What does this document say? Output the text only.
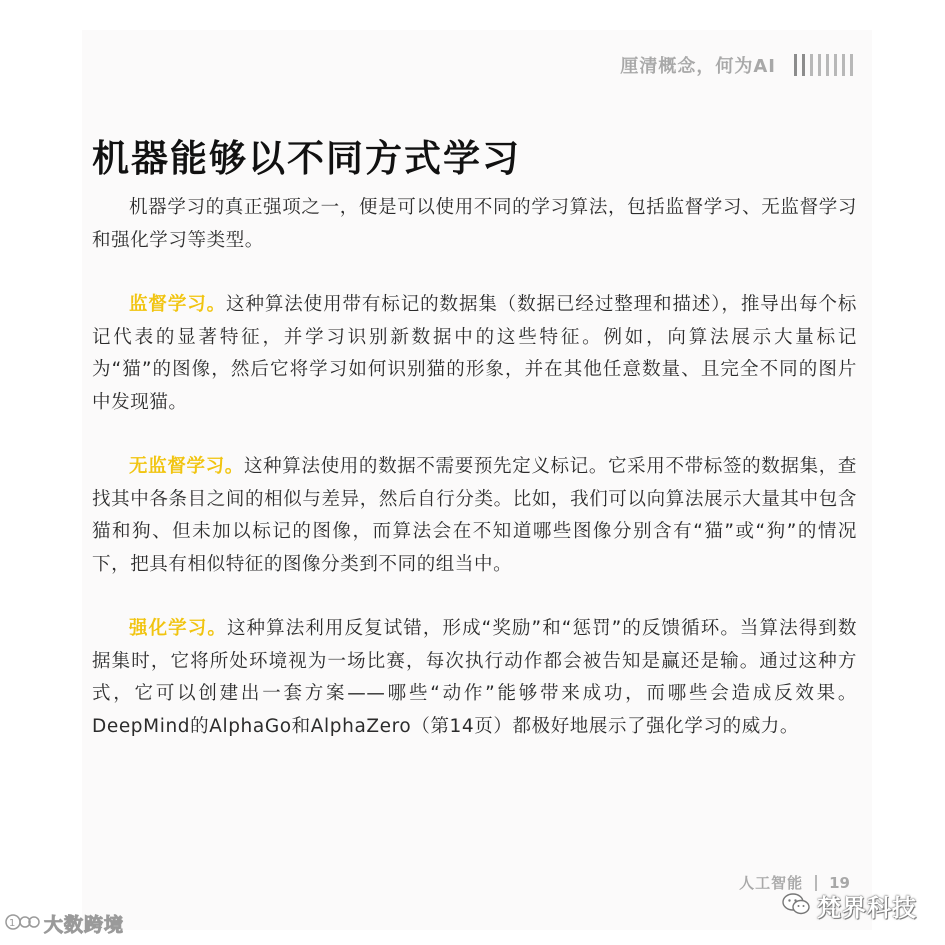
厘清概念，何为AI
机器能够以不同方式学习

机器学习的真正强项之一，便是可以使用不同的学习算法，包括监督学习、无监督学习和强化学习等类型。

监督学习。这种算法使用带有标记的数据集（数据已经过整理和描述），推导出每个标记代表的显著特征，并学习识别新数据中的这些特征。例如，向算法展示大量标记为“猫”的图像，然后它将学习如何识别猫的形象，并在其他任意数量、且完全不同的图片中发现猫。

无监督学习。这种算法使用的数据不需要预先定义标记。它采用不带标签的数据集，查找其中各条目之间的相似与差异，然后自行分类。比如，我们可以向算法展示大量其中包含猫和狗、但未加以标记的图像，而算法会在不知道哪些图像分别含有“猫”或“狗”的情况下，把具有相似特征的图像分类到不同的组当中。

强化学习。这种算法利用反复试错，形成“奖励”和“惩罚”的反馈循环。当算法得到数据集时，它将所处环境视为一场比赛，每次执行动作都会被告知是赢还是输。通过这种方式，它可以创建出一套方案——哪些“动作”能够带来成功，而哪些会造成反效果。DeepMind的AlphaGo和AlphaZero（第14页）都极好地展示了强化学习的威力。

人工智能 19
1 大数跨境
梵界科技
